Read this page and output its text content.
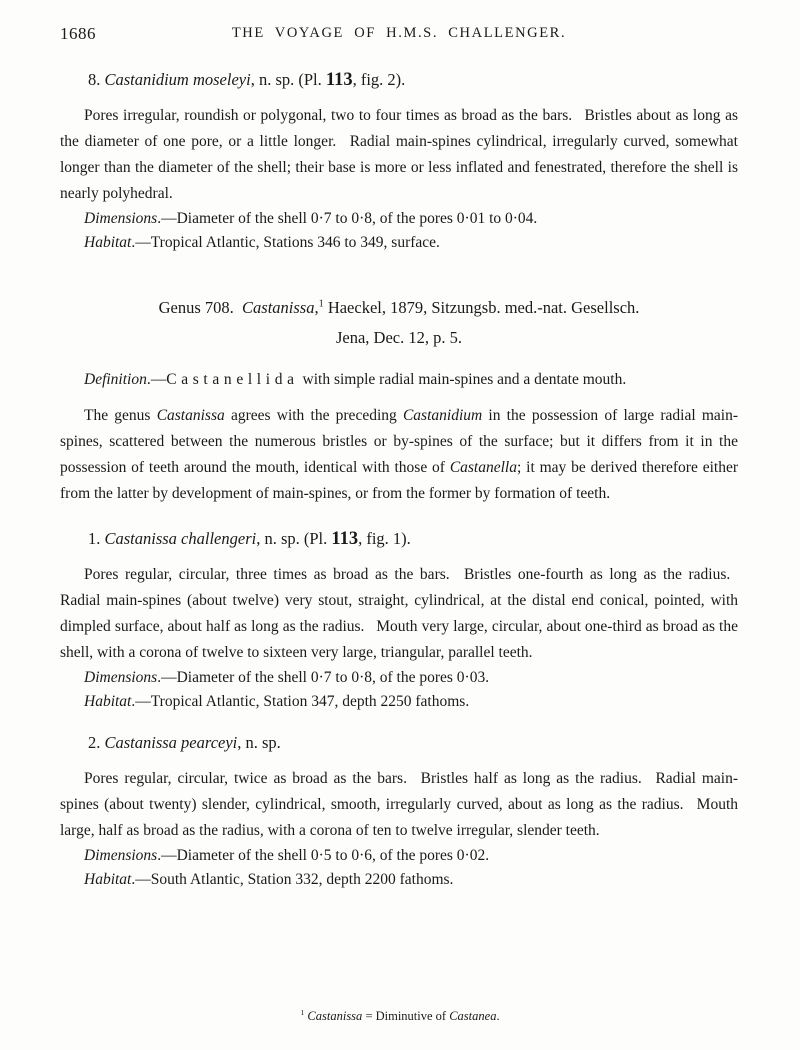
1686	THE VOYAGE OF H.M.S. CHALLENGER.
8. Castanidium moseleyi, n. sp. (Pl. 113, fig. 2).

Pores irregular, roundish or polygonal, two to four times as broad as the bars.  Bristles about as long as the diameter of one pore, or a little longer.  Radial main-spines cylindrical, irregularly curved, somewhat longer than the diameter of the shell; their base is more or less inflated and fenestrated, therefore the shell is nearly polyhedral.

Dimensions.—Diameter of the shell 0·7 to 0·8, of the pores 0·01 to 0·04.

Habitat.—Tropical Atlantic, Stations 346 to 349, surface.

Genus 708. Castanissa,$^1$ Haeckel, 1879, Sitzungsb. med.-nat. Gesellsch.
Jena, Dec. 12, p. 5.

Definition.—Castanellida with simple radial main-spines and a dentate mouth.

The genus Castanissa agrees with the preceding Castanidium in the possession of large radial main-spines, scattered between the numerous bristles or by-spines of the surface; but it differs from it in the possession of teeth around the mouth, identical with those of Castanella; it may be derived therefore either from the latter by development of main-spines, or from the former by formation of teeth.

1. Castanissa challengeri, n. sp. (Pl. 113, fig. 1).

Pores regular, circular, three times as broad as the bars.  Bristles one-fourth as long as the radius.  Radial main-spines (about twelve) very stout, straight, cylindrical, at the distal end conical, pointed, with dimpled surface, about half as long as the radius.  Mouth very large, circular, about one-third as broad as the shell, with a corona of twelve to sixteen very large, triangular, parallel teeth.

Dimensions.—Diameter of the shell 0·7 to 0·8, of the pores 0·03.

Habitat.—Tropical Atlantic, Station 347, depth 2250 fathoms.

2. Castanissa pearceyi, n. sp.

Pores regular, circular, twice as broad as the bars.  Bristles half as long as the radius.  Radial main-spines (about twenty) slender, cylindrical, smooth, irregularly curved, about as long as the radius.  Mouth large, half as broad as the radius, with a corona of ten to twelve irregular, slender teeth.

Dimensions.—Diameter of the shell 0·5 to 0·6, of the pores 0·02.

Habitat.—South Atlantic, Station 332, depth 2200 fathoms.

$^1$ Castanissa = Diminutive of Castanea.
